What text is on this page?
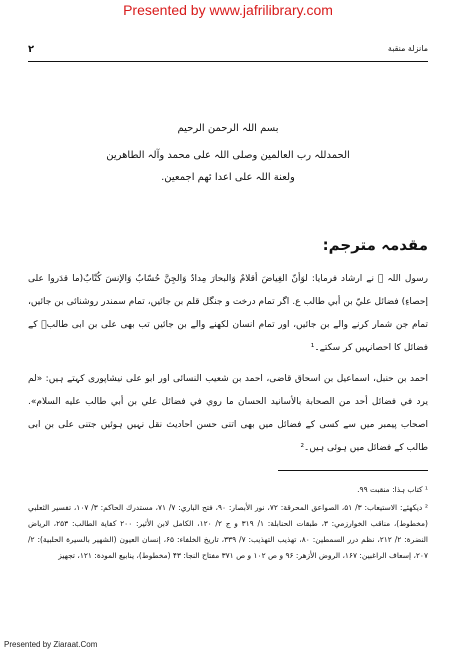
Presented by www.jafrilibrary.com
۲	مانزلة منقبة
بسم اللہ الرحمن الرحیم
الحمدللہ رب العالمین وصلی اللہ علی محمد وآلہ الطاهرین
ولعنة اللہ علی اعدا ئهم اجمعین.
مقدمہ مترجم:
رسول اللہ ﷺ نے ارشاد فرمایا: لوَأنّ الغِياضَ أقلامٌ وَالبحارَ مِدادٌ وَالجِنَّ حُسّابٌ وَالإنسَ كُتّابٌ(ما قدَروا على إحصاءِ) فضائل عليّ بن أبي طالب ع. اگر تمام درخت و جنگل قلم بن جائیں، تمام سمندر روشنائی بن جائیں، تمام جن شمار کرنے والے بن جائیں، اور تمام انسان لکھنے والے بن جائیں تب بھی علی بن ابی طالبؑ کے فضائل کا احصانہیں کر سکتے۔¹
احمد بن حنبل، اسماعیل بن اسحاق قاضی، احمد بن شعیب النسائی اور ابو علی نیشاپوری کہتے ہیں: «لم يرد في فضائل أحد من الصحابة بالأسانيد الحسان ما روي في فضائل علي بن أبي طالب عليه السلام». اصحاب پیمبر میں سے کسی کے فضائل میں بھی اتنی حسن احادیث نقل نہیں ہوئیں جتنی علی بن ابی طالب کے فضائل میں ہوئی ہیں۔²
¹ کتاب ہذا: منقبت ۹۹.
² دیکھئے: الاستیعاب: ۳/ ۵۱، الصواعق المحرقة: ۷۲، نور الأبصار: ۹۰، فتح الباري: ۷/ ۷۱، مستدرك الحاكم: ۳/ ۱۰۷، تفسير الثعلبي (مخطوط)، مناقب الخوارزمي: ۳، طبقات الحنابلة: ۱/ ۳۱۹ و ج ۲/ ۱۲۰، الكامل لابن الأثير: ۲۰۰ كفاية الطالب: ۲۵۳، الرياض النضرة: ۲/ ۲۱۲، نظم درر السمطين: ۸۰، تهذيب التهذيب: ۷/ ۳۳۹، تاريخ الخلفاء: ۶۵، إنسان العيون (الشهير بالسيرة الحلبية): ۲/ ۲۰۷، إسعاف الراغبين: ۱۶۷، الروض الأزهر: ۹۶ و ص ۱۰۲ و ص ۳۷۱ مفتاح النجا: ۴۳ (مخطوط)، ينابيع المودة: ۱۲۱، تجهيز
Presented by Ziaraat.Com
